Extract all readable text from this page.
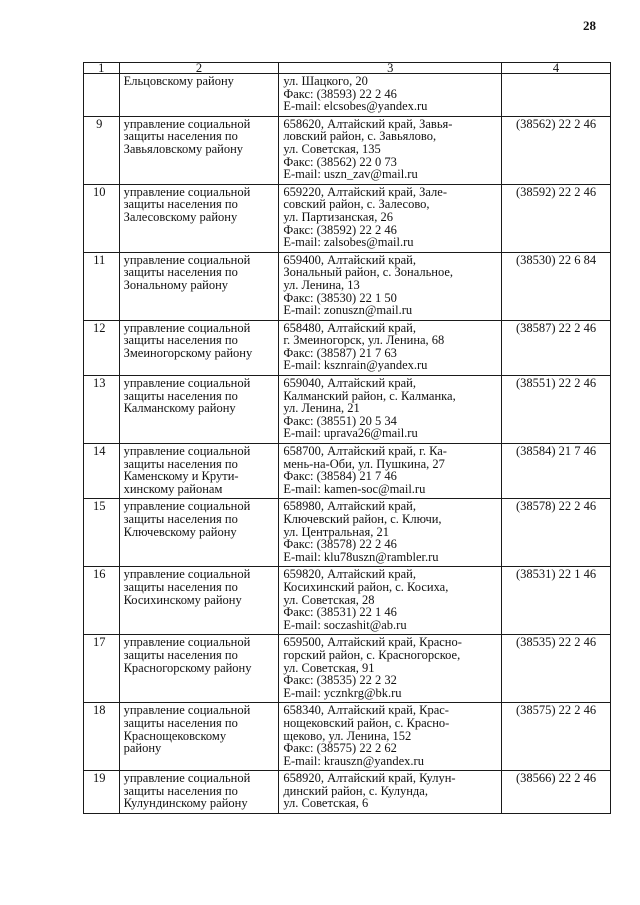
28
1	2	3	4

	Ельцовскому району	ул. Шацкого, 20
Факс: (38593) 22 2 46
E-mail: elcsobes@yandex.ru	

9	управление социальной
защиты населения по
Завьяловскому району	658620, Алтайский край, Завья-
ловский район, с. Завьялово,
ул. Советская, 135
Факс: (38562) 22 0 73
E-mail: uszn_zav@mail.ru	(38562) 22 2 46
10	управление социальной
защиты населения по
Залесовскому району	659220, Алтайский край, Зале-
совский район, с. Залесово,
ул. Партизанская, 26
Факс: (38592) 22 2 46
E-mail: zalsobes@mail.ru	(38592) 22 2 46
11	управление социальной
защиты населения по
Зональному району	659400, Алтайский край,
Зональный район, с. Зональное,
ул. Ленина, 13
Факс: (38530) 22 1 50
E-mail: zonuszn@mail.ru	(38530) 22 6 84
12	управление социальной
защиты населения по
Змеиногорскому району	658480, Алтайский край,
г. Змеиногорск, ул. Ленина, 68
Факс: (38587) 21 7 63
E-mail: ksznrain@yandex.ru	(38587) 22 2 46
13	управление социальной
защиты населения по
Калманскому району	659040, Алтайский край,
Калманский район, с. Калманка,
ул. Ленина, 21
Факс: (38551) 20 5 34
E-mail: uprava26@mail.ru	(38551) 22 2 46
14	управление социальной
защиты населения по
Каменскому и Крути-
хинскому районам	658700, Алтайский край, г. Ка-
мень-на-Оби, ул. Пушкина, 27
Факс: (38584) 21 7 46
E-mail: kamen-soc@mail.ru	(38584) 21 7 46
15	управление социальной
защиты населения по
Ключевскому району	658980, Алтайский край,
Ключевский район, с. Ключи,
ул. Центральная, 21
Факс: (38578) 22 2 46
E-mail: klu78uszn@rambler.ru	(38578) 22 2 46
16	управление социальной
защиты населения по
Косихинскому району	659820, Алтайский край,
Косихинский район, с. Косиха,
ул. Советская, 28
Факс: (38531) 22 1 46
E-mail: soczashit@ab.ru	(38531) 22 1 46
17	управление социальной
защиты населения по
Красногорскому району	659500, Алтайский край, Красно-
горский район, с. Красногорское,
ул. Советская, 91
Факс: (38535) 22 2 32
E-mail: ycznkrg@bk.ru	(38535) 22 2 46
18	управление социальной
защиты населения по
Краснощековскому
району	658340, Алтайский край, Крас-
нощековский район, с. Красно-
щеково, ул. Ленина, 152
Факс: (38575) 22 2 62
E-mail: krauszn@yandex.ru	(38575) 22 2 46
19	управление социальной
защиты населения по
Кулундинскому району	658920, Алтайский край, Кулун-
динский район, с. Кулунда,
ул. Советская, 6	(38566) 22 2 46
